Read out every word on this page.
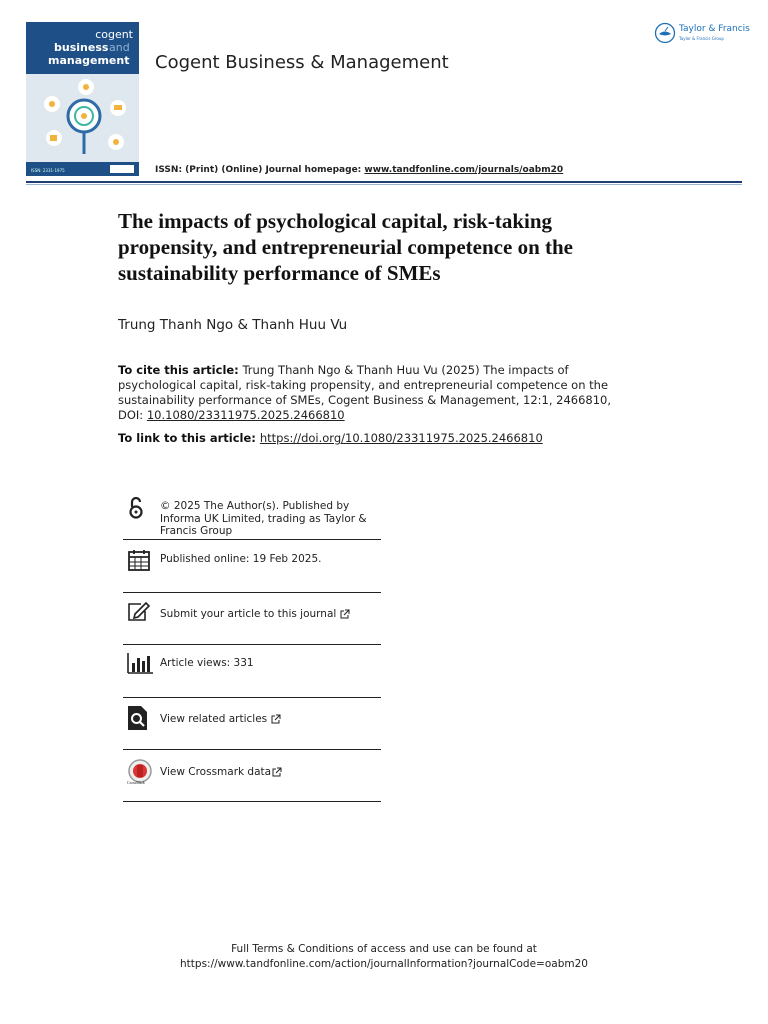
cogent
business and
management
ISSN: 2331-1975
Cogent Business & Management
ISSN: (Print) (Online) Journal homepage: www.tandfonline.com/journals/oabm20
Taylor & Francis
Taylor & Francis Group
The impacts of psychological capital, risk-taking
propensity, and entrepreneurial competence on the
sustainability performance of SMEs
Trung Thanh Ngo & Thanh Huu Vu
To cite this article: Trung Thanh Ngo & Thanh Huu Vu (2025) The impacts of psychological capital, risk-taking propensity, and entrepreneurial competence on the sustainability performance of SMEs, Cogent Business & Management, 12:1, 2466810, DOI: 10.1080/23311975.2025.2466810
To link to this article: https://doi.org/10.1080/23311975.2025.2466810
© 2025 The Author(s). Published by Informa UK Limited, trading as Taylor & Francis Group
Published online: 19 Feb 2025.
Submit your article to this journal
Article views: 331
View related articles
CrossMark
View Crossmark data
Full Terms & Conditions of access and use can be found at
https://www.tandfonline.com/action/journalInformation?journalCode=oabm20
